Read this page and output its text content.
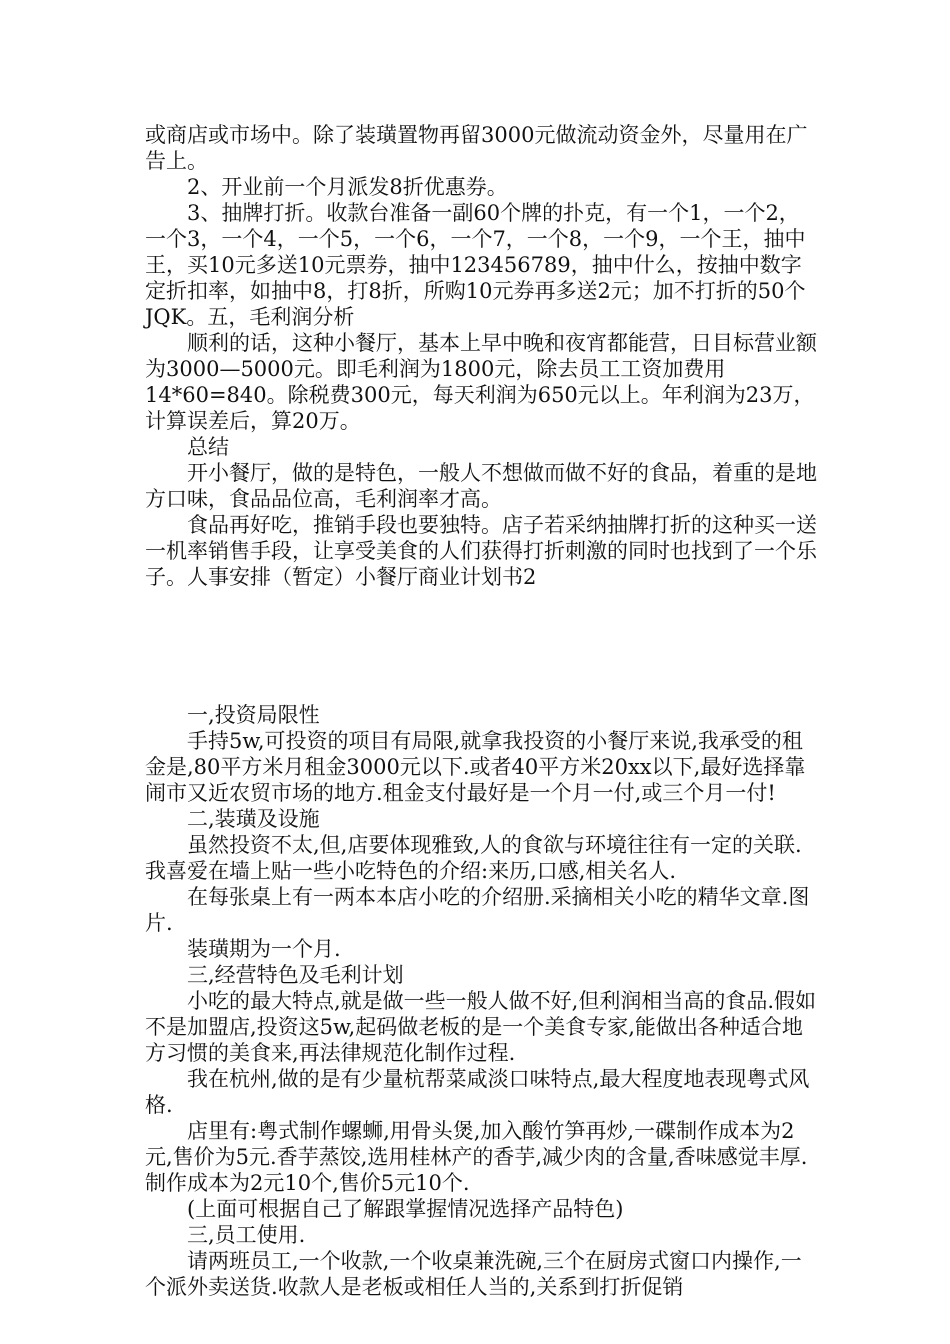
或商店或市场中。除了装璜置物再留3000元做流动资金外，尽量用在广告上。

2、开业前一个月派发8折优惠券。

3、抽牌打折。收款台准备一副60个牌的扑克，有一个1，一个2，一个3，一个4，一个5，一个6，一个7，一个8，一个9，一个王，抽中王，买10元多送10元票券，抽中123456789，抽中什么，按抽中数字定折扣率，如抽中8，打8折，所购10元券再多送2元；加不打折的50个JQK。五，毛利润分析

顺利的话，这种小餐厅，基本上早中晚和夜宵都能营，日目标营业额为3000—5000元。即毛利润为1800元，除去员工工资加费用14*60=840。除税费300元，每天利润为650元以上。年利润为23万，计算误差后，算20万。

总结

开小餐厅，做的是特色，一般人不想做而做不好的食品，着重的是地方口味，食品品位高，毛利润率才高。

食品再好吃，推销手段也要独特。店子若采纳抽牌打折的这种买一送一机率销售手段，让享受美食的人们获得打折刺激的同时也找到了一个乐子。人事安排（暂定）小餐厅商业计划书2

一,投资局限性

手持5w,可投资的项目有局限,就拿我投资的小餐厅来说,我承受的租金是,80平方米月租金3000元以下.或者40平方米20xx以下,最好选择靠闹市又近农贸市场的地方.租金支付最好是一个月一付,或三个月一付!

二,装璜及设施

虽然投资不太,但,店要体现雅致,人的食欲与环境往往有一定的关联. 我喜爱在墙上贴一些小吃特色的介绍:来历,口感,相关名人.

在每张桌上有一两本本店小吃的介绍册.采摘相关小吃的精华文章.图片.

装璜期为一个月.

三,经营特色及毛利计划

小吃的最大特点,就是做一些一般人做不好,但利润相当高的食品.假如不是加盟店,投资这5w,起码做老板的是一个美食专家,能做出各种适合地方习惯的美食来,再法律规范化制作过程.

我在杭州,做的是有少量杭帮菜咸淡口味特点,最大程度地表现粤式风格.

店里有:粤式制作螺蛳,用骨头煲,加入酸竹笋再炒,一碟制作成本为2元,售价为5元.香芋蒸饺,选用桂林产的香芋,减少肉的含量,香味感觉丰厚.制作成本为2元10个,售价5元10个.

(上面可根据自己了解跟掌握情况选择产品特色)

三,员工使用.

请两班员工,一个收款,一个收桌兼洗碗,三个在厨房式窗口内操作,一个派外卖送货.收款人是老板或相任人当的,关系到打折促销
